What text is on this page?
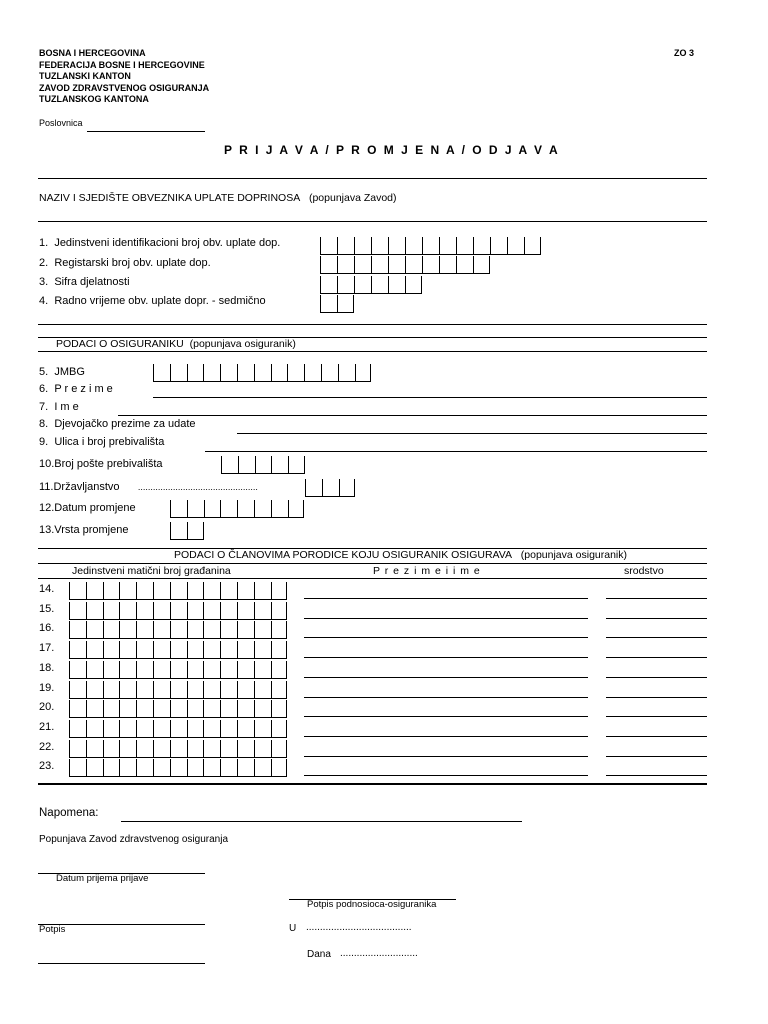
BOSNA I HERCEGOVINA
FEDERACIJA BOSNE I HERCEGOVINE
TUZLANSKI KANTON
ZAVOD ZDRAVSTVENOG OSIGURANJA
TUZLANSKOG KANTONA
ZO 3
Poslovnica
P R I J A V A / P R O M J E N A / O D J A V A
NAZIV I SJEDIŠTE OBVEZNIKA UPLATE DOPRINOSA (popunjava Zavod)
1. Jedinstveni identifikacioni broj obv. uplate dop.
2. Registarski broj obv. uplate dop.
3. Sifra djelatnosti
4. Radno vrijeme obv. uplate dopr. - sedmično
PODACI O OSIGURANIKU (popunjava osiguranik)
5. JMBG
6. P r e z i m e
7. I m e
8. Djevojačko prezime za udate
9. Ulica i broj prebivališta
10.Broj pošte prebivališta
11.Državljanstvo ................................................
12.Datum promjene
13.Vrsta promjene
PODACI O ČLANOVIMA PORODICE KOJU OSIGURANIK OSIGURAVA (popunjava osiguranik)
Jedinstveni matični broj građanina	P r e z i m e i i m e	srodstvo
14.
15.
16.
17.
18.
19.
20.
21.
22.
23.
Napomena:
Popunjava Zavod zdravstvenog osiguranja
Datum prijema prijave
Potpis podnosioca-osiguranika
Potpis	U ......................................
Dana ............................
